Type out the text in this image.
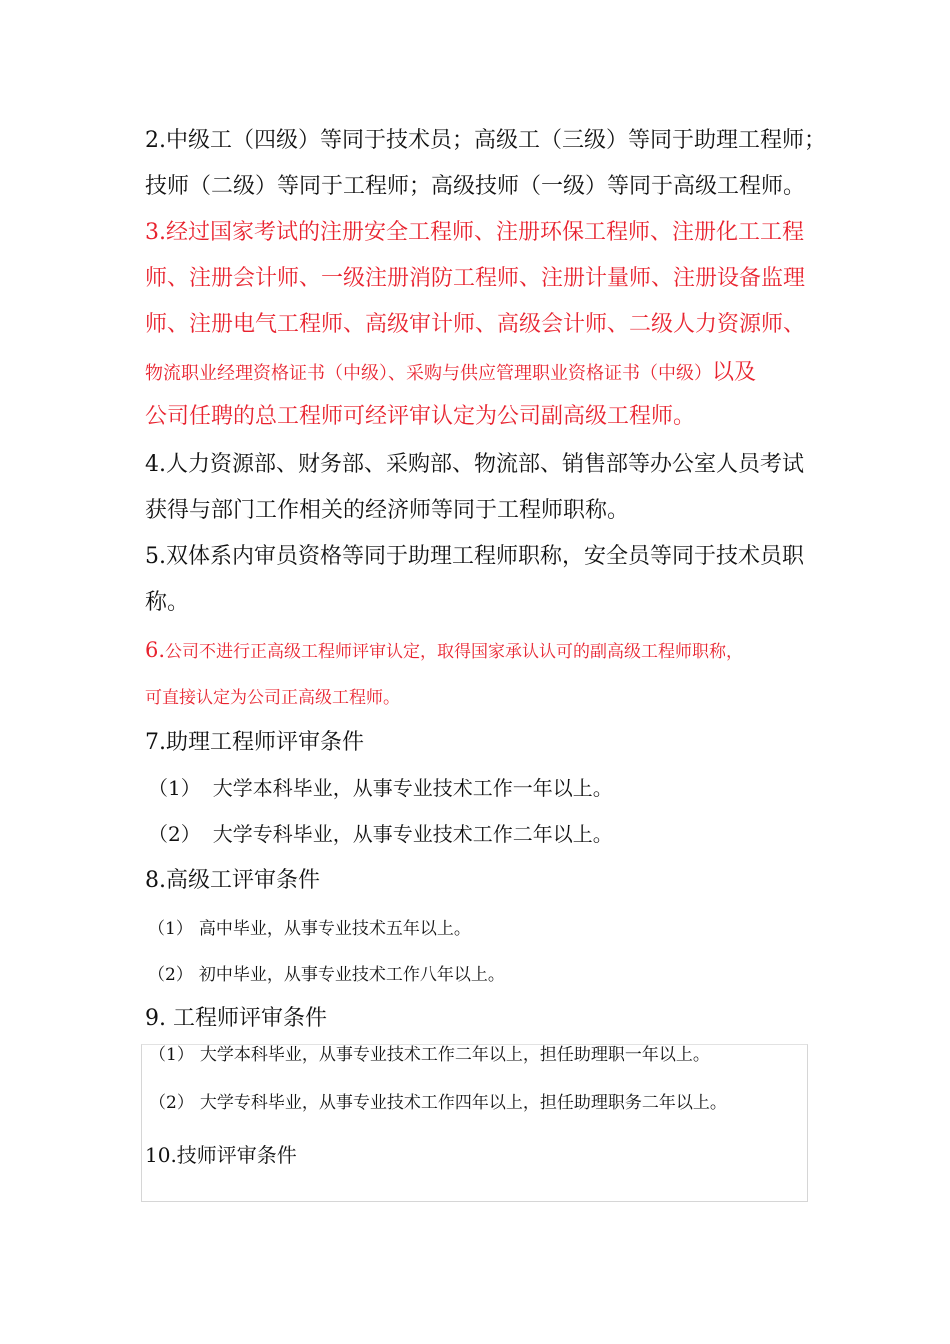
2.中级工（四级）等同于技术员；高级工（三级）等同于助理工程师；
技师（二级）等同于工程师；高级技师（一级）等同于高级工程师。
3.经过国家考试的注册安全工程师、注册环保工程师、注册化工工程
师、注册会计师、一级注册消防工程师、注册计量师、注册设备监理
师、注册电气工程师、高级审计师、高级会计师、二级人力资源师、
物流职业经理资格证书（中级）、采购与供应管理职业资格证书（中级）以及
公司任聘的总工程师可经评审认定为公司副高级工程师。
4.人力资源部、财务部、采购部、物流部、销售部等办公室人员考试
获得与部门工作相关的经济师等同于工程师职称。
5.双体系内审员资格等同于助理工程师职称，安全员等同于技术员职
称。
6.公司不进行正高级工程师评审认定，取得国家承认认可的副高级工程师职称，
可直接认定为公司正高级工程师。
7.助理工程师评审条件
（1） 大学本科毕业，从事专业技术工作一年以上。
（2） 大学专科毕业，从事专业技术工作二年以上。
8.高级工评审条件
（1） 高中毕业，从事专业技术五年以上。
（2） 初中毕业，从事专业技术工作八年以上。
9. 工程师评审条件
（1） 大学本科毕业，从事专业技术工作二年以上，担任助理职一年以上。
（2） 大学专科毕业，从事专业技术工作四年以上，担任助理职务二年以上。
10.技师评审条件
